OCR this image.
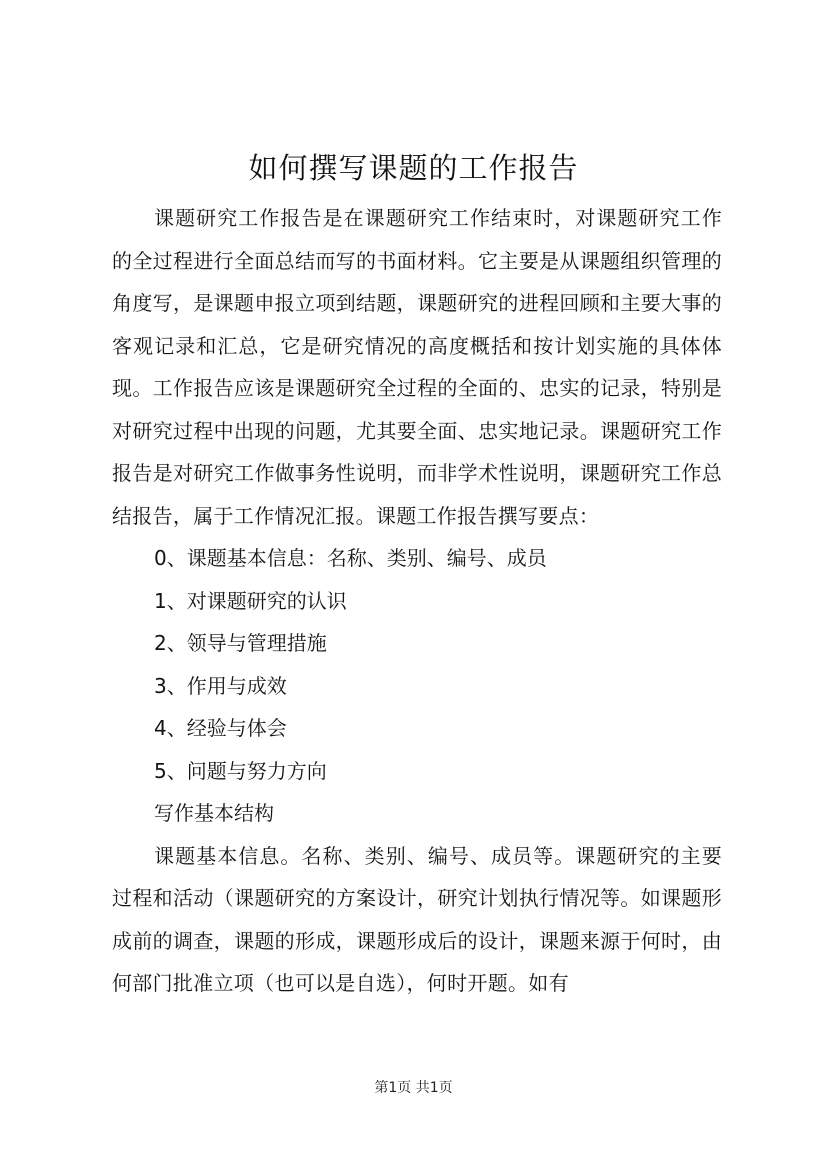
如何撰写课题的工作报告

课题研究工作报告是在课题研究工作结束时，对课题研究工作的全过程进行全面总结而写的书面材料。它主要是从课题组织管理的角度写，是课题申报立项到结题，课题研究的进程回顾和主要大事的客观记录和汇总，它是研究情况的高度概括和按计划实施的具体体现。工作报告应该是课题研究全过程的全面的、忠实的记录，特别是对研究过程中出现的问题，尤其要全面、忠实地记录。课题研究工作报告是对研究工作做事务性说明，而非学术性说明，课题研究工作总结报告，属于工作情况汇报。课题工作报告撰写要点：

0、课题基本信息：名称、类别、编号、成员
1、对课题研究的认识
2、领导与管理措施
3、作用与成效
4、经验与体会
5、问题与努力方向

写作基本结构

课题基本信息。名称、类别、编号、成员等。课题研究的主要过程和活动（课题研究的方案设计，研究计划执行情况等。如课题形成前的调查，课题的形成，课题形成后的设计，课题来源于何时，由何部门批准立项（也可以是自选），何时开题。如有

第1页 共1页
